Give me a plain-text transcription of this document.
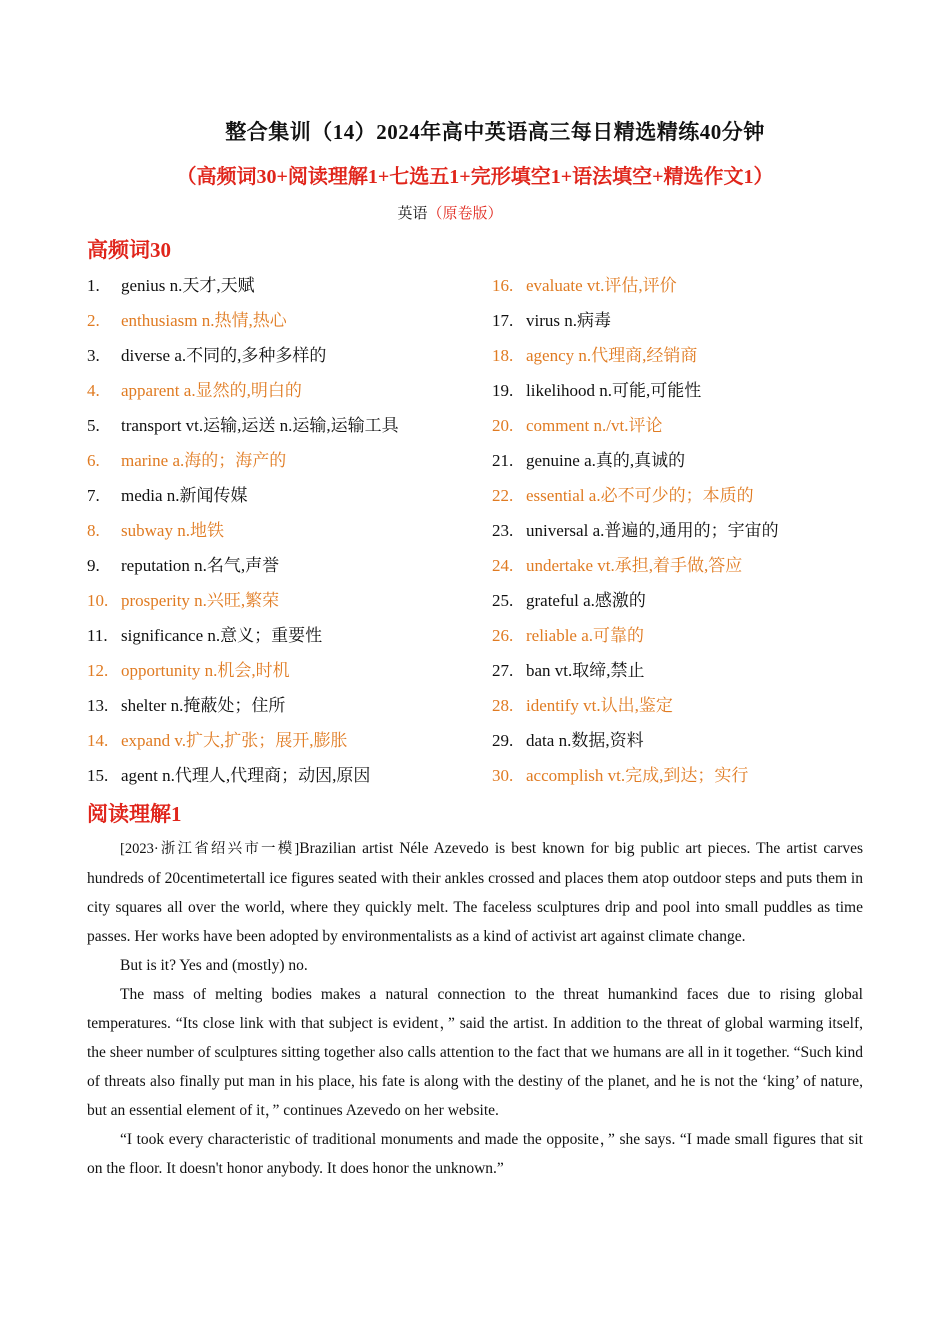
整合集训（14）2024年高中英语高三每日精选精练40分钟
（高频词30+阅读理解1+七选五1+完形填空1+语法填空+精选作文1）
英语（原卷版）
高频词30
1. genius n.天才,天赋
2. enthusiasm n.热情,热心
3. diverse a.不同的,多种多样的
4. apparent a.显然的,明白的
5. transport vt.运输,运送 n.运输,运输工具
6. marine a.海的；海产的
7. media n.新闻传媒
8. subway n.地铁
9. reputation n.名气,声誉
10. prosperity n.兴旺,繁荣
11. significance n.意义；重要性
12. opportunity n.机会,时机
13. shelter n.掩蔽处；住所
14. expand v.扩大,扩张；展开,膨胀
15. agent n.代理人,代理商；动因,原因
16. evaluate vt.评估,评价
17. virus n.病毒
18. agency n.代理商,经销商
19. likelihood n.可能,可能性
20. comment n./vt.评论
21. genuine a.真的,真诚的
22. essential a.必不可少的；本质的
23. universal a.普遍的,通用的；宇宙的
24. undertake vt.承担,着手做,答应
25. grateful a.感激的
26. reliable a.可靠的
27. ban vt.取缔,禁止
28. identify vt.认出,鉴定
29. data n.数据,资料
30. accomplish vt.完成,到达；实行
阅读理解1

[2023·浙江省绍兴市一模]Brazilian artist Néle Azevedo is best known for big public art pieces. The artist carves hundreds of 20centimetertall ice figures seated with their ankles crossed and places them atop outdoor steps and puts them in city squares all over the world, where they quickly melt. The faceless sculptures drip and pool into small puddles as time passes. Her works have been adopted by environmentalists as a kind of activist art against climate change.

But is it? Yes and (mostly) no.

The mass of melting bodies makes a natural connection to the threat humankind faces due to rising global temperatures. “Its close link with that subject is evident，” said the artist. In addition to the threat of global warming itself, the sheer number of sculptures sitting together also calls attention to the fact that we humans are all in it together. “Such kind of threats also finally put man in his place, his fate is along with the destiny of the planet, and he is not the ‘king’ of nature, but an essential element of it，” continues Azevedo on her website.

“I took every characteristic of traditional monuments and made the opposite，” she says. “I made small figures that sit on the floor. It doesn't honor anybody. It does honor the unknown.”
